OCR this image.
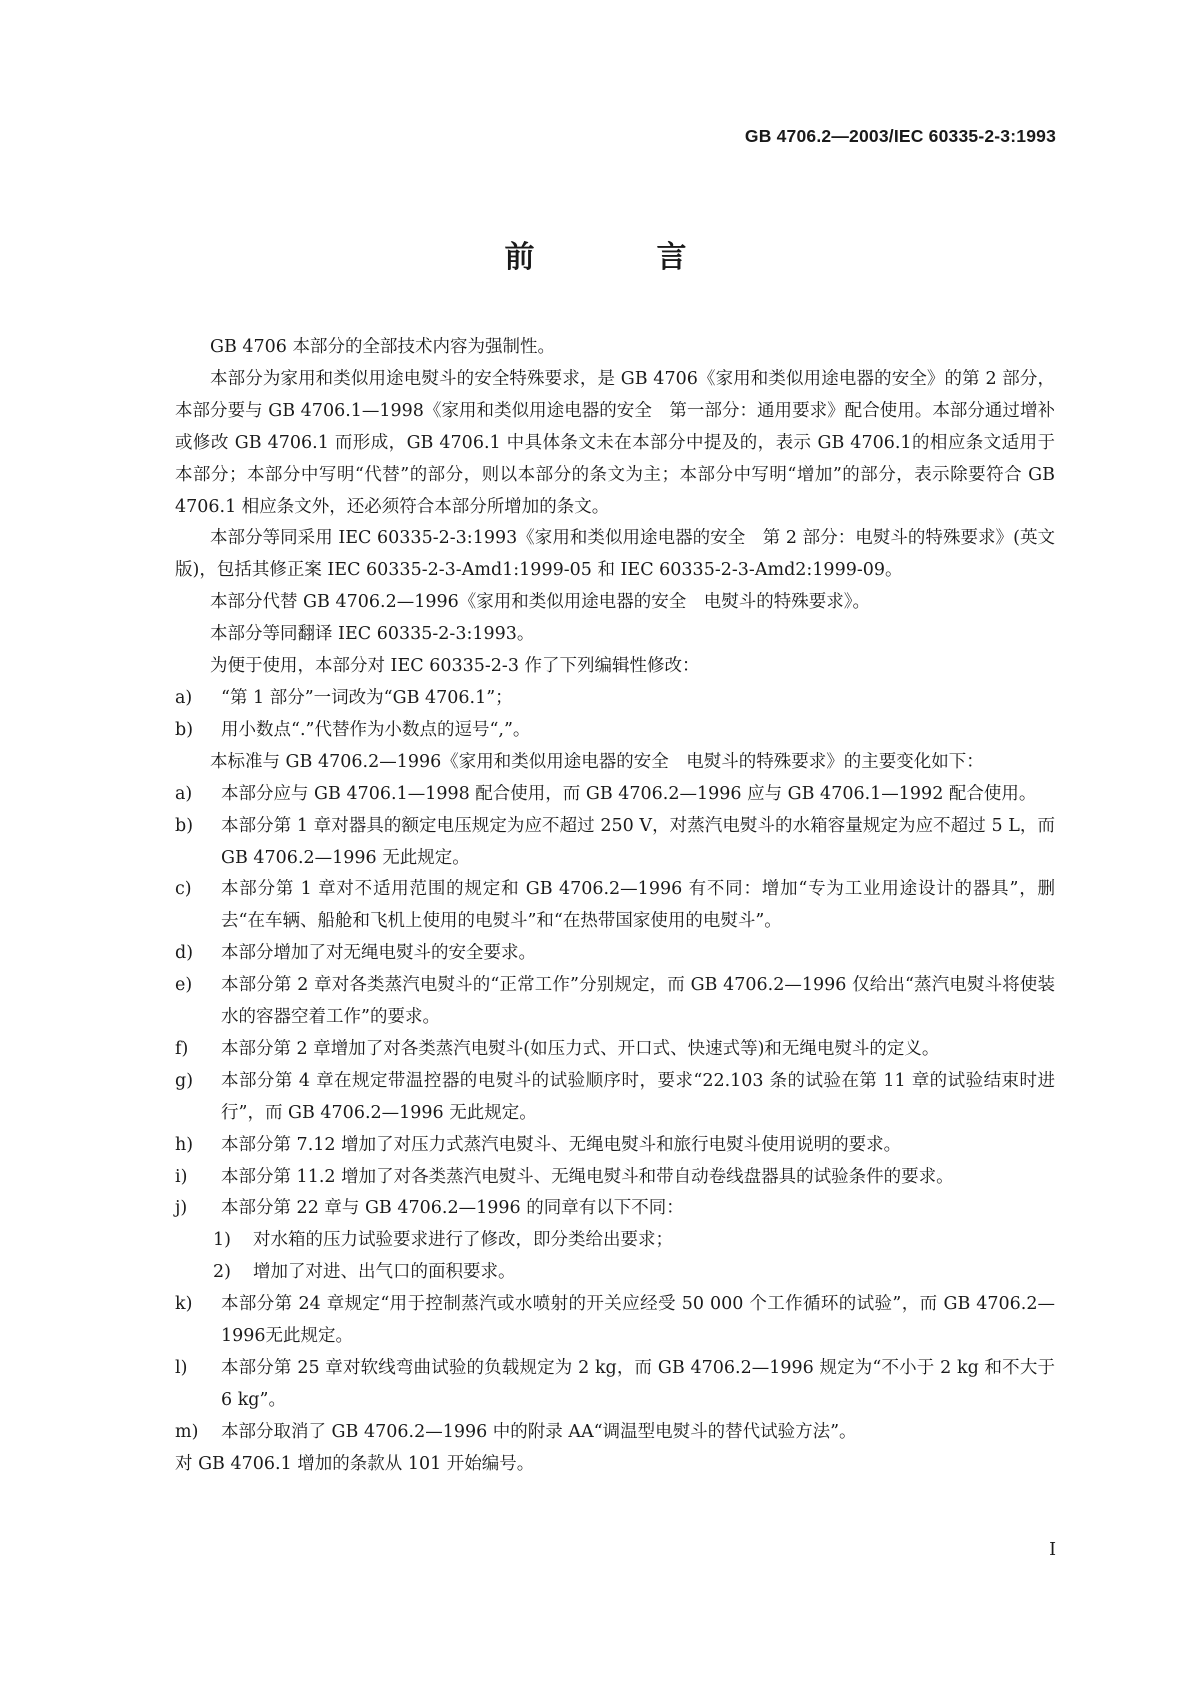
GB 4706.2—2003/IEC 60335-2-3:1993
前　言
GB 4706 本部分的全部技术内容为强制性。
本部分为家用和类似用途电熨斗的安全特殊要求，是 GB 4706《家用和类似用途电器的安全》的第 2 部分，本部分要与 GB 4706.1—1998《家用和类似用途电器的安全　第一部分：通用要求》配合使用。本部分通过增补或修改 GB 4706.1 而形成，GB 4706.1 中具体条文未在本部分中提及的，表示 GB 4706.1的相应条文适用于本部分；本部分中写明“代替”的部分，则以本部分的条文为主；本部分中写明“增加”的部分，表示除要符合 GB 4706.1 相应条文外，还必须符合本部分所增加的条文。
本部分等同采用 IEC 60335-2-3:1993《家用和类似用途电器的安全　第 2 部分：电熨斗的特殊要求》(英文版)，包括其修正案 IEC 60335-2-3-Amd1:1999-05 和 IEC 60335-2-3-Amd2:1999-09。
本部分代替 GB 4706.2—1996《家用和类似用途电器的安全　电熨斗的特殊要求》。
本部分等同翻译 IEC 60335-2-3:1993。
为便于使用，本部分对 IEC 60335-2-3 作了下列编辑性修改：
a)	“第 1 部分”一词改为“GB 4706.1”；
b)	用小数点“.”代替作为小数点的逗号“,”。
本标准与 GB 4706.2—1996《家用和类似用途电器的安全　电熨斗的特殊要求》的主要变化如下：
a)	本部分应与 GB 4706.1—1998 配合使用，而 GB 4706.2—1996 应与 GB 4706.1—1992 配合使用。
b)	本部分第 1 章对器具的额定电压规定为应不超过 250 V，对蒸汽电熨斗的水箱容量规定为应不超过 5 L，而 GB 4706.2—1996 无此规定。
c)	本部分第 1 章对不适用范围的规定和 GB 4706.2—1996 有不同：增加“专为工业用途设计的器具”，删去“在车辆、船舱和飞机上使用的电熨斗”和“在热带国家使用的电熨斗”。
d)	本部分增加了对无绳电熨斗的安全要求。
e)	本部分第 2 章对各类蒸汽电熨斗的“正常工作”分别规定，而 GB 4706.2—1996 仅给出“蒸汽电熨斗将使装水的容器空着工作”的要求。
f)	本部分第 2 章增加了对各类蒸汽电熨斗(如压力式、开口式、快速式等)和无绳电熨斗的定义。
g)	本部分第 4 章在规定带温控器的电熨斗的试验顺序时，要求“22.103 条的试验在第 11 章的试验结束时进行”，而 GB 4706.2—1996 无此规定。
h)	本部分第 7.12 增加了对压力式蒸汽电熨斗、无绳电熨斗和旅行电熨斗使用说明的要求。
i)	本部分第 11.2 增加了对各类蒸汽电熨斗、无绳电熨斗和带自动卷线盘器具的试验条件的要求。
j)	本部分第 22 章与 GB 4706.2—1996 的同章有以下不同：
1)	对水箱的压力试验要求进行了修改，即分类给出要求；
2)	增加了对进、出气口的面积要求。
k)	本部分第 24 章规定“用于控制蒸汽或水喷射的开关应经受 50 000 个工作循环的试验”，而 GB 4706.2—1996无此规定。
l)	本部分第 25 章对软线弯曲试验的负载规定为 2 kg，而 GB 4706.2—1996 规定为“不小于 2 kg 和不大于 6 kg”。
m)	本部分取消了 GB 4706.2—1996 中的附录 AA“调温型电熨斗的替代试验方法”。
对 GB 4706.1 增加的条款从 101 开始编号。
I
